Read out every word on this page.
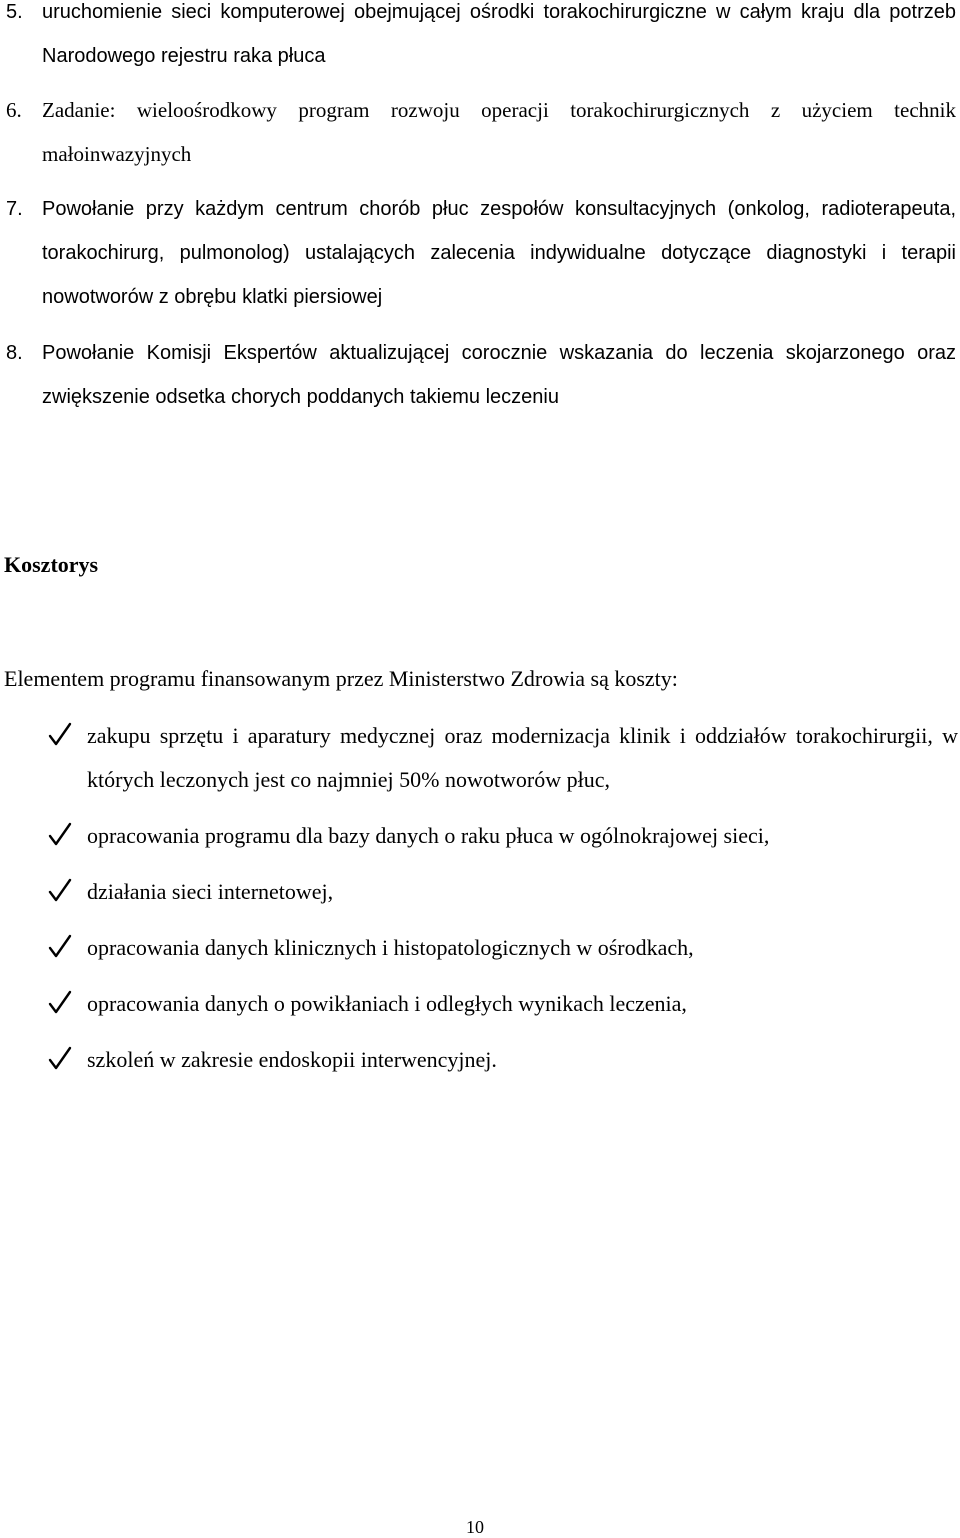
5. uruchomienie sieci komputerowej obejmującej ośrodki torakochirurgiczne w całym kraju dla potrzeb Narodowego rejestru raka płuca
6. Zadanie: wieloośrodkowy program rozwoju operacji torakochirurgicznych z użyciem technik małoinwazyjnych
7. Powołanie przy każdym centrum chorób płuc zespołów konsultacyjnych (onkolog, radioterapeuta, torakochirurg, pulmonolog) ustalających zalecenia indywidualne dotyczące diagnostyki i terapii nowotworów z obrębu klatki piersiowej
8. Powołanie Komisji Ekspertów aktualizującej corocznie wskazania do leczenia skojarzonego oraz zwiększenie odsetka chorych poddanych takiemu leczeniu
Kosztorys
Elementem programu finansowanym przez Ministerstwo Zdrowia są koszty:
zakupu sprzętu i aparatury medycznej oraz modernizacja klinik i oddziałów torakochirurgii, w których leczonych jest co najmniej 50% nowotworów płuc,
opracowania programu dla bazy danych o raku płuca w ogólnokrajowej sieci,
działania sieci internetowej,
opracowania danych klinicznych i histopatologicznych w ośrodkach,
opracowania danych o powikłaniach i odległych wynikach leczenia,
szkoleń w zakresie endoskopii interwencyjnej.
10
